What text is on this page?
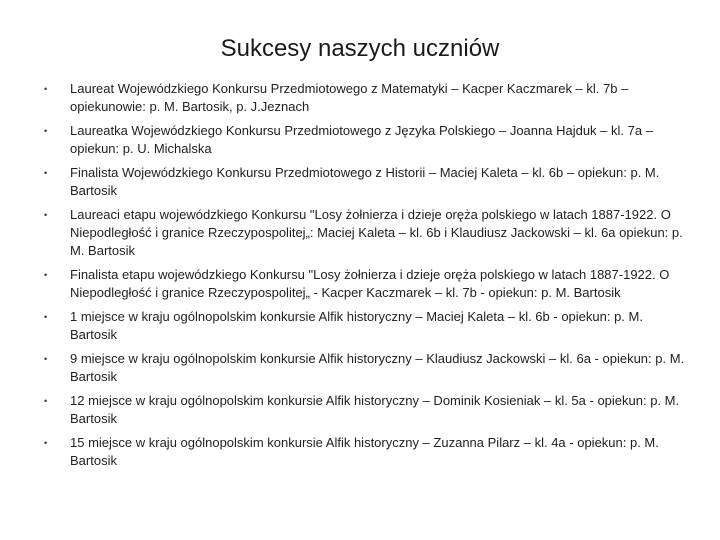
Sukcesy naszych uczniów
• Laureat Wojewódzkiego Konkursu Przedmiotowego z Matematyki – Kacper Kaczmarek – kl. 7b – opiekunowie: p. M. Bartosik, p. J.Jeznach
• Laureatka Wojewódzkiego Konkursu Przedmiotowego z Języka Polskiego – Joanna Hajduk – kl. 7a – opiekun: p. U. Michalska
• Finalista Wojewódzkiego Konkursu Przedmiotowego z Historii – Maciej Kaleta – kl. 6b – opiekun: p. M. Bartosik
• Laureaci etapu wojewódzkiego Konkursu "Losy żołnierza i dzieje oręża polskiego w latach 1887-1922. O Niepodległość i granice Rzeczypospolitej„: Maciej Kaleta – kl. 6b i Klaudiusz Jackowski – kl. 6a opiekun: p. M. Bartosik
• Finalista etapu wojewódzkiego Konkursu "Losy żołnierza i dzieje oręża polskiego w latach 1887-1922. O Niepodległość i granice Rzeczypospolitej„ - Kacper Kaczmarek – kl. 7b - opiekun: p. M. Bartosik
• 1 miejsce w kraju ogólnopolskim konkursie Alfik historyczny – Maciej Kaleta – kl. 6b - opiekun: p. M. Bartosik
• 9 miejsce w kraju ogólnopolskim konkursie Alfik historyczny – Klaudiusz Jackowski – kl. 6a - opiekun: p. M. Bartosik
• 12 miejsce w kraju ogólnopolskim konkursie Alfik historyczny – Dominik Kosieniak – kl. 5a - opiekun: p. M. Bartosik
• 15 miejsce w kraju ogólnopolskim konkursie Alfik historyczny – Zuzanna Pilarz – kl. 4a - opiekun: p. M. Bartosik
